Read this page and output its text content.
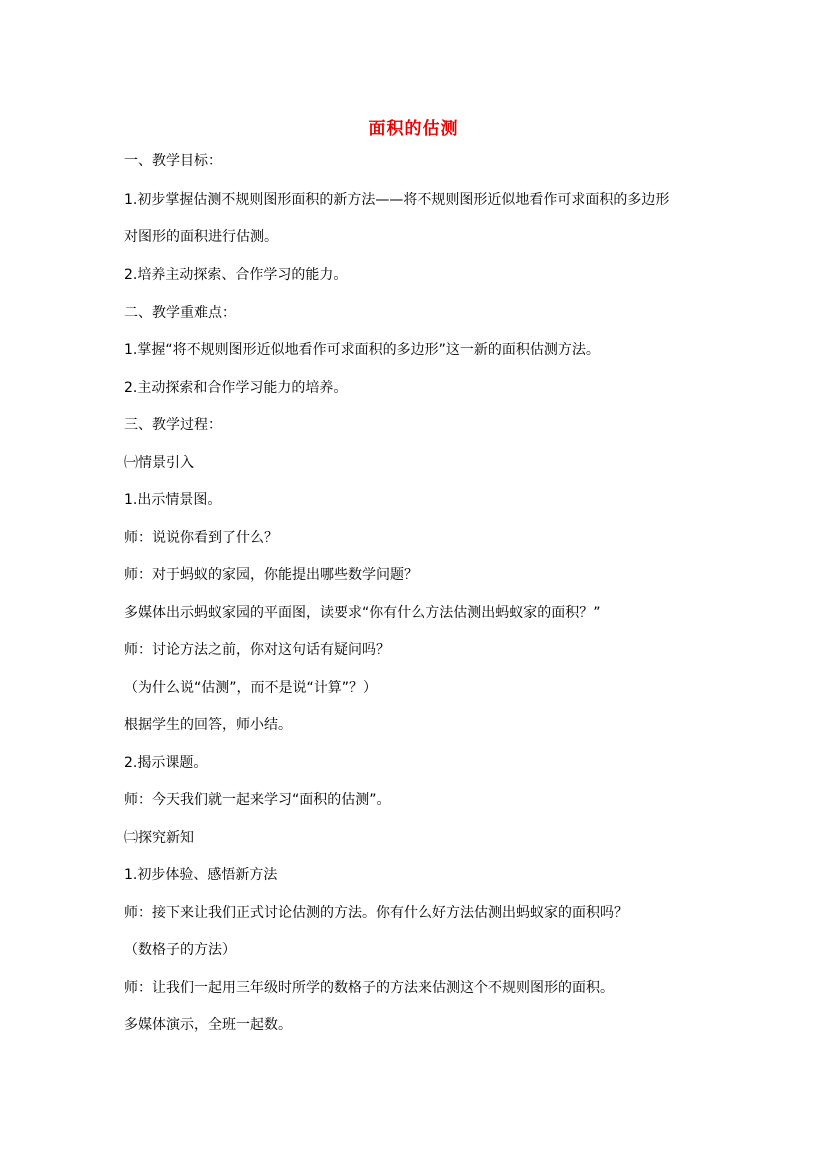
面积的估测
一、教学目标：
1.初步掌握估测不规则图形面积的新方法——将不规则图形近似地看作可求面积的多边形
对图形的面积进行估测。
2.培养主动探索、合作学习的能力。
二、教学重难点：
1.掌握“将不规则图形近似地看作可求面积的多边形”这一新的面积估测方法。
2.主动探索和合作学习能力的培养。
三、教学过程：
㈠情景引入
1.出示情景图。
师：说说你看到了什么？
师：对于蚂蚁的家园，你能提出哪些数学问题？
多媒体出示蚂蚁家园的平面图，读要求“你有什么方法估测出蚂蚁家的面积？”
师：讨论方法之前，你对这句话有疑问吗？
（为什么说“估测”，而不是说“计算”？）
根据学生的回答，师小结。
2.揭示课题。
师：今天我们就一起来学习“面积的估测”。
㈡探究新知
1.初步体验、感悟新方法
师：接下来让我们正式讨论估测的方法。你有什么好方法估测出蚂蚁家的面积吗？
（数格子的方法）
师：让我们一起用三年级时所学的数格子的方法来估测这个不规则图形的面积。
多媒体演示，全班一起数。
